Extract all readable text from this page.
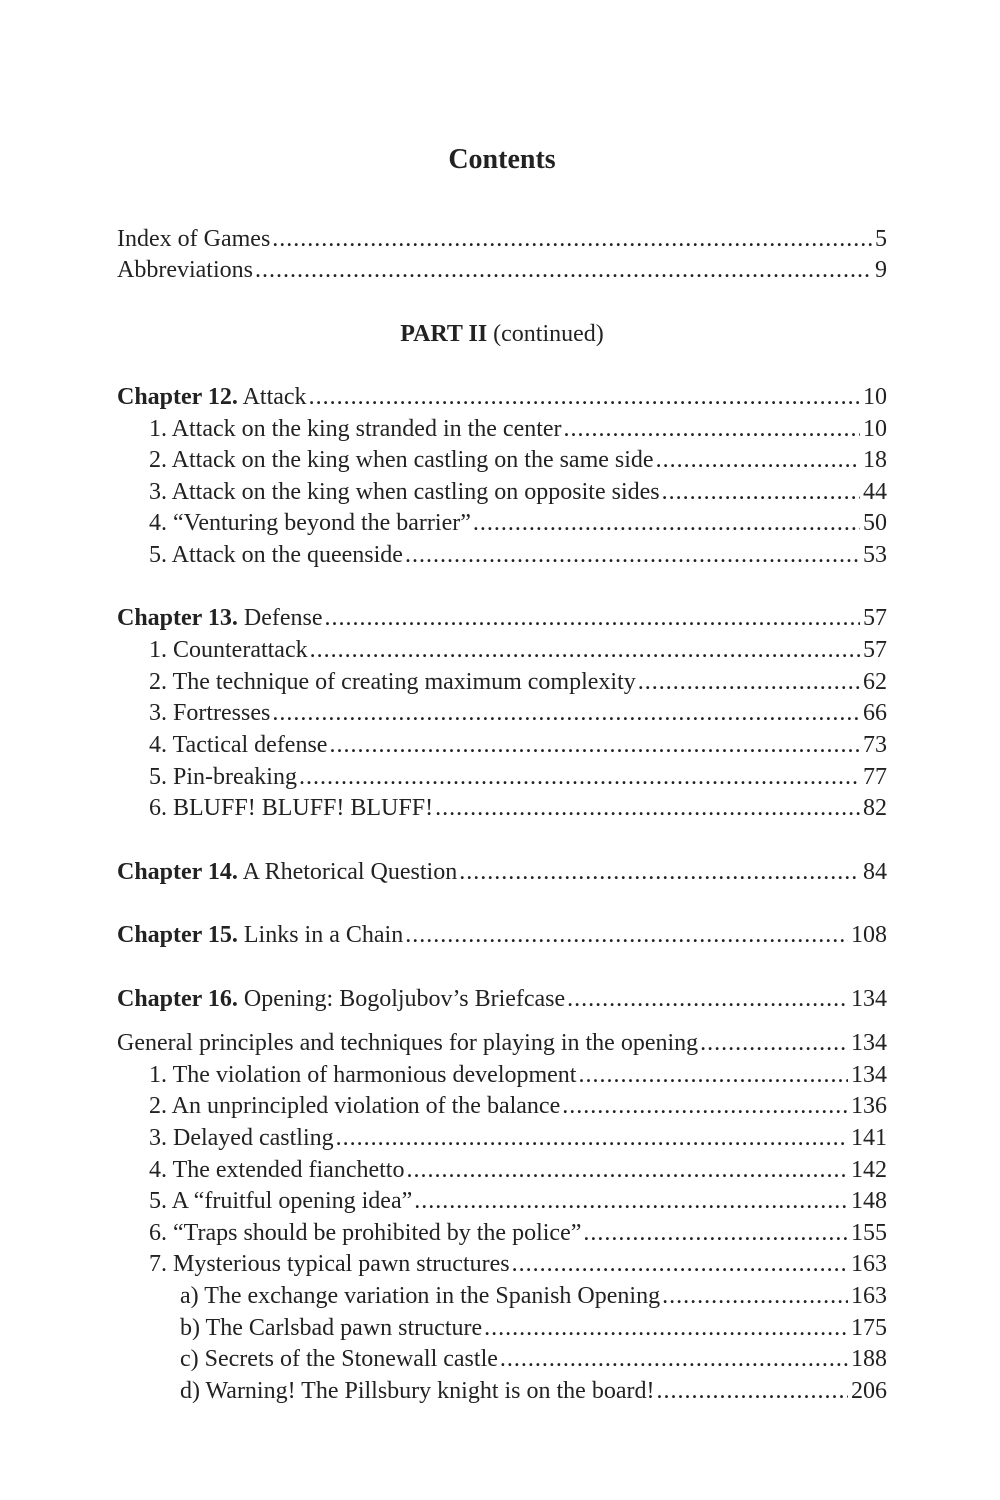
Contents
Index of Games .....	5
Abbreviations .....	9
PART II (continued)
Chapter 12. Attack .....	10
1. Attack on the king stranded in the center .....	10
2. Attack on the king when castling on the same side .....	18
3. Attack on the king when castling on opposite sides .....	44
4. “Venturing beyond the barrier” .....	50
5. Attack on the queenside .....	53
Chapter 13. Defense .....	57
1. Counterattack .....	57
2. The technique of creating maximum complexity .....	62
3. Fortresses .....	66
4. Tactical defense .....	73
5. Pin-breaking .....	77
6. BLUFF! BLUFF! BLUFF! .....	82
Chapter 14. A Rhetorical Question .....	84
Chapter 15. Links in a Chain .....	108
Chapter 16. Opening: Bogoljubov’s Briefcase .....	134
General principles and techniques for playing in the opening .....	134
1. The violation of harmonious development .....	134
2. An unprincipled violation of the balance .....	136
3. Delayed castling .....	141
4. The extended fianchetto .....	142
5. A “fruitful opening idea” .....	148
6. “Traps should be prohibited by the police” .....	155
7. Mysterious typical pawn structures .....	163
a) The exchange variation in the Spanish Opening .....	163
b) The Carlsbad pawn structure .....	175
c) Secrets of the Stonewall castle .....	188
d) Warning! The Pillsbury knight is on the board! .....	206
